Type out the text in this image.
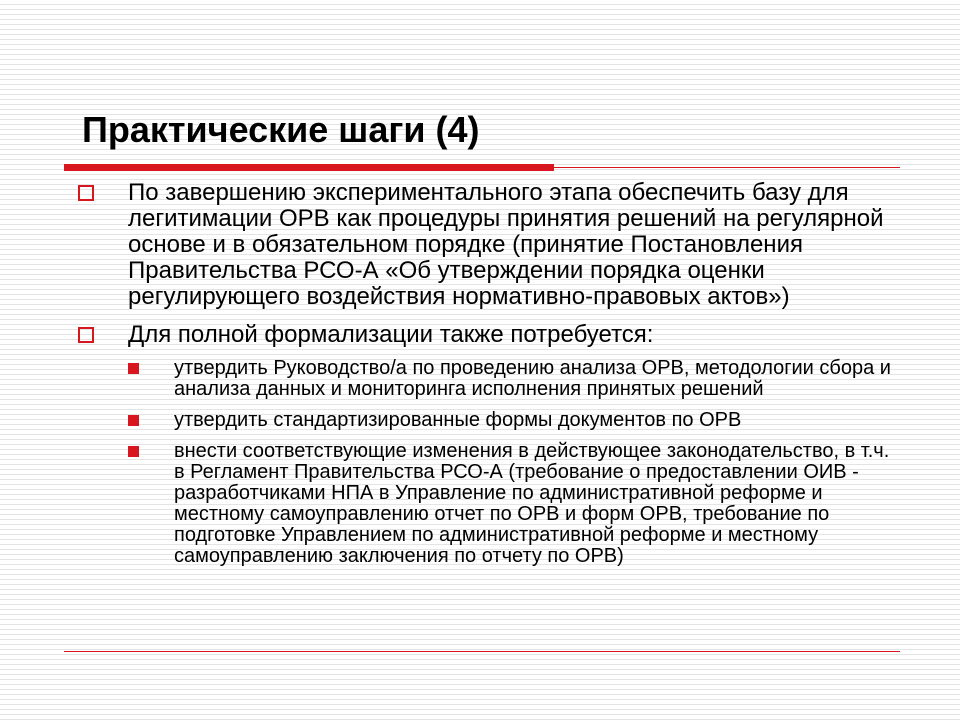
Практические шаги (4)
По завершению экспериментального этапа обеспечить базу для легитимации ОРВ как процедуры принятия решений на регулярной основе и в обязательном порядке (принятие Постановления Правительства РСО-А «Об утверждении порядка оценки регулирующего воздействия нормативно-правовых актов»)
Для полной формализации также потребуется:
утвердить Руководство/а по проведению анализа ОРВ, методологии сбора и анализа данных и мониторинга исполнения принятых решений
утвердить стандартизированные формы документов по ОРВ
внести соответствующие изменения в действующее законодательство, в т.ч. в Регламент Правительства РСО-А (требование о предоставлении ОИВ - разработчиками НПА в Управление по административной реформе и местному самоуправлению отчет по ОРВ и форм ОРВ, требование по подготовке Управлением по административной реформе и местному самоуправлению заключения по отчету по ОРВ)
